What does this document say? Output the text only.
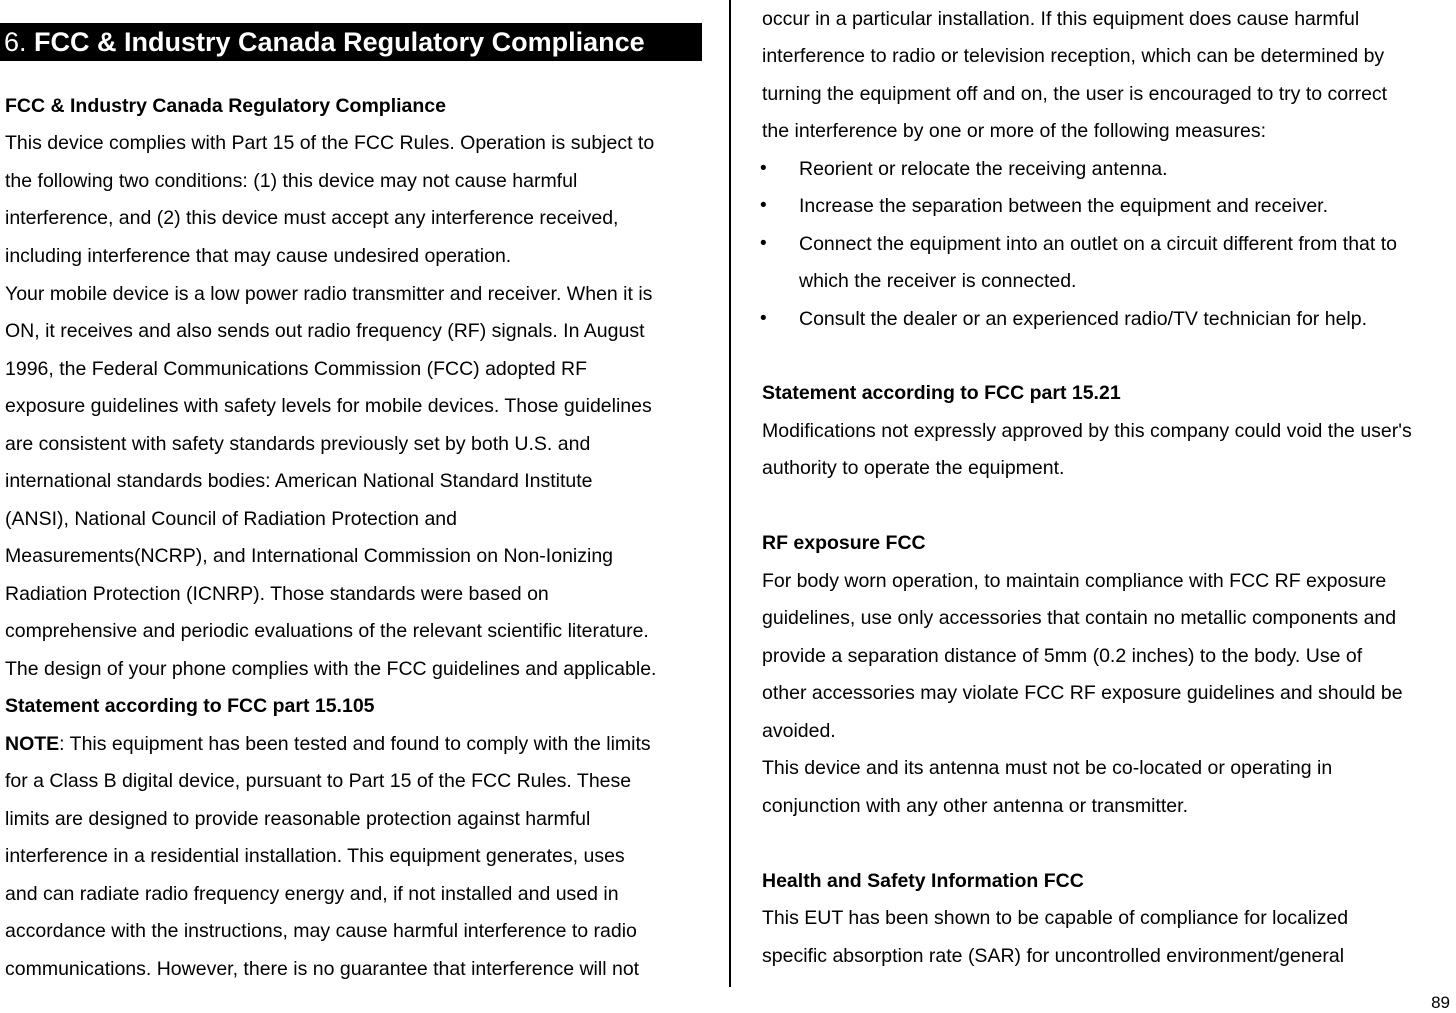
6. FCC & Industry Canada Regulatory Compliance
FCC & Industry Canada Regulatory Compliance
This device complies with Part 15 of the FCC Rules. Operation is subject to
the following two conditions: (1) this device may not cause harmful
interference, and (2) this device must accept any interference received,
including interference that may cause undesired operation.
Your mobile device is a low power radio transmitter and receiver. When it is
ON, it receives and also sends out radio frequency (RF) signals. In August
1996, the Federal Communications Commission (FCC) adopted RF
exposure guidelines with safety levels for mobile devices. Those guidelines
are consistent with safety standards previously set by both U.S. and
international standards bodies: American National Standard Institute
(ANSI), National Council of Radiation Protection and
Measurements(NCRP), and International Commission on Non-Ionizing
Radiation Protection (ICNRP). Those standards were based on
comprehensive and periodic evaluations of the relevant scientific literature.
The design of your phone complies with the FCC guidelines and applicable.
Statement according to FCC part 15.105
NOTE: This equipment has been tested and found to comply with the limits
for a Class B digital device, pursuant to Part 15 of the FCC Rules. These
limits are designed to provide reasonable protection against harmful
interference in a residential installation. This equipment generates, uses
and can radiate radio frequency energy and, if not installed and used in
accordance with the instructions, may cause harmful interference to radio
communications. However, there is no guarantee that interference will not
occur in a particular installation. If this equipment does cause harmful
interference to radio or television reception, which can be determined by
turning the equipment off and on, the user is encouraged to try to correct
the interference by one or more of the following measures:
• Reorient or relocate the receiving antenna.
• Increase the separation between the equipment and receiver.
• Connect the equipment into an outlet on a circuit different from that to
which the receiver is connected.
• Consult the dealer or an experienced radio/TV technician for help.
Statement according to FCC part 15.21
Modifications not expressly approved by this company could void the user's
authority to operate the equipment.
RF exposure FCC
For body worn operation, to maintain compliance with FCC RF exposure
guidelines, use only accessories that contain no metallic components and
provide a separation distance of 5mm (0.2 inches) to the body. Use of
other accessories may violate FCC RF exposure guidelines and should be
avoided.
This device and its antenna must not be co-located or operating in
conjunction with any other antenna or transmitter.
Health and Safety Information FCC
This EUT has been shown to be capable of compliance for localized
specific absorption rate (SAR) for uncontrolled environment/general
89
